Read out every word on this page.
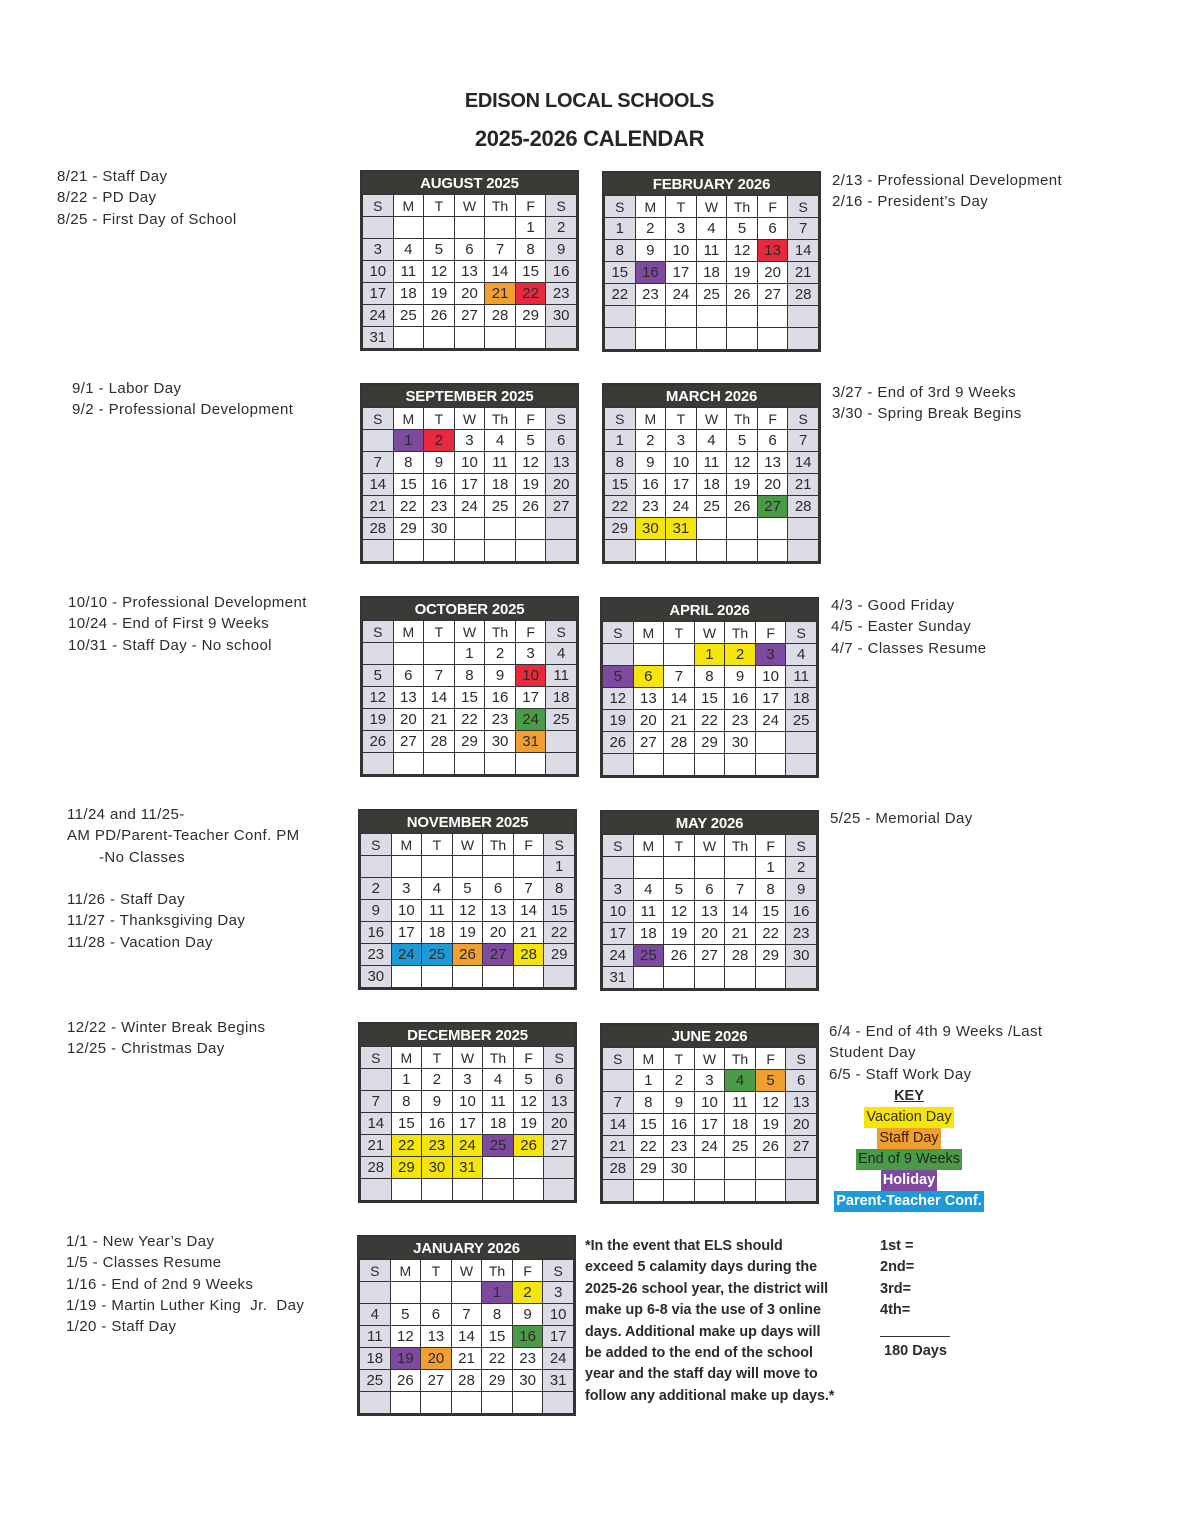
EDISON LOCAL SCHOOLS
2025-2026 CALENDAR
AUGUST 2025
S	M	T	W	Th	F	S
					1	2
3	4	5	6	7	8	9
10	11	12	13	14	15	16
17	18	19	20	21	22	23
24	25	26	27	28	29	30
31						
FEBRUARY 2026
S	M	T	W	Th	F	S
1	2	3	4	5	6	7
8	9	10	11	12	13	14
15	16	17	18	19	20	21
22	23	24	25	26	27	28

SEPTEMBER 2025
S	M	T	W	Th	F	S
	1	2	3	4	5	6
7	8	9	10	11	12	13
14	15	16	17	18	19	20
21	22	23	24	25	26	27
28	29	30				

MARCH 2026
S	M	T	W	Th	F	S
1	2	3	4	5	6	7
8	9	10	11	12	13	14
15	16	17	18	19	20	21
22	23	24	25	26	27	28
29	30	31				

OCTOBER 2025
S	M	T	W	Th	F	S
			1	2	3	4
5	6	7	8	9	10	11
12	13	14	15	16	17	18
19	20	21	22	23	24	25
26	27	28	29	30	31	

APRIL 2026
S	M	T	W	Th	F	S
			1	2	3	4
5	6	7	8	9	10	11
12	13	14	15	16	17	18
19	20	21	22	23	24	25
26	27	28	29	30		

NOVEMBER 2025
S	M	T	W	Th	F	S
						1
2	3	4	5	6	7	8
9	10	11	12	13	14	15
16	17	18	19	20	21	22
23	24	25	26	27	28	29
30						
MAY 2026
S	M	T	W	Th	F	S
					1	2
3	4	5	6	7	8	9
10	11	12	13	14	15	16
17	18	19	20	21	22	23
24	25	26	27	28	29	30
31						
DECEMBER 2025
S	M	T	W	Th	F	S
	1	2	3	4	5	6
7	8	9	10	11	12	13
14	15	16	17	18	19	20
21	22	23	24	25	26	27
28	29	30	31			

JUNE 2026
S	M	T	W	Th	F	S
	1	2	3	4	5	6
7	8	9	10	11	12	13
14	15	16	17	18	19	20
21	22	23	24	25	26	27
28	29	30				

JANUARY 2026
S	M	T	W	Th	F	S
				1	2	3
4	5	6	7	8	9	10
11	12	13	14	15	16	17
18	19	20	21	22	23	24
25	26	27	28	29	30	31

8/21 - Staff Day
8/22 - PD Day
8/25 - First Day of School
2/13 - Professional Development
2/16 - President’s Day
9/1 - Labor Day
9/2 - Professional Development
3/27 - End of 3rd 9 Weeks
3/30 - Spring Break Begins
10/10 - Professional Development
10/24 - End of First 9 Weeks
10/31 - Staff Day - No school
4/3 - Good Friday
4/5 - Easter Sunday
4/7 - Classes Resume
11/24 and 11/25-
AM PD/Parent-Teacher Conf. PM
-No Classes

11/26 - Staff Day
11/27 - Thanksgiving Day
11/28 - Vacation Day
5/25 - Memorial Day
12/22 - Winter Break Begins
12/25 - Christmas Day
6/4 - End of 4th 9 Weeks /Last
Student Day
6/5 - Staff Work Day
1/1 - New Year’s Day
1/5 - Classes Resume
1/16 - End of 2nd 9 Weeks
1/19 - Martin Luther King  Jr.  Day
1/20 - Staff Day
KEY
Vacation Day
Staff Day
End of 9 Weeks
Holiday
Parent-Teacher Conf.
*In the event that ELS should exceed 5 calamity days during the 2025-26 school year, the district will make up 6-8 via the use of 3 online days. Additional make up days will be added to the end of the school year and the staff day will move to follow any additional make up days.*
1st =
2nd=
3rd=
4th=
180 Days
